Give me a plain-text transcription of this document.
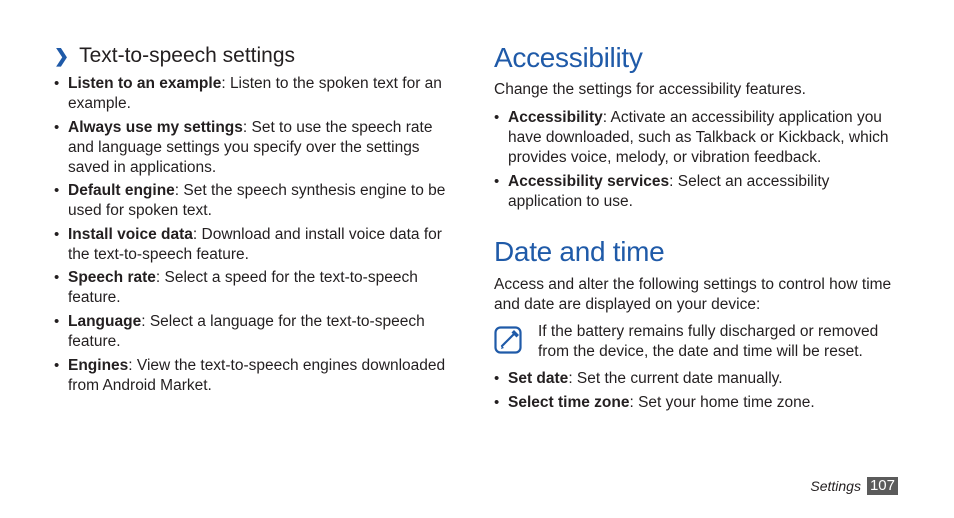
❯ Text-to-speech settings
• Listen to an example: Listen to the spoken text for an example.
• Always use my settings: Set to use the speech rate and language settings you specify over the settings saved in applications.
• Default engine: Set the speech synthesis engine to be used for spoken text.
• Install voice data: Download and install voice data for the text-to-speech feature.
• Speech rate: Select a speed for the text-to-speech feature.
• Language: Select a language for the text-to-speech feature.
• Engines: View the text-to-speech engines downloaded from Android Market.
Accessibility
Change the settings for accessibility features.
• Accessibility: Activate an accessibility application you have downloaded, such as Talkback or Kickback, which provides voice, melody, or vibration feedback.
• Accessibility services: Select an accessibility application to use.
Date and time
Access and alter the following settings to control how time and date are displayed on your device:
If the battery remains fully discharged or removed from the device, the date and time will be reset.
• Set date: Set the current date manually.
• Select time zone: Set your home time zone.
Settings 107
